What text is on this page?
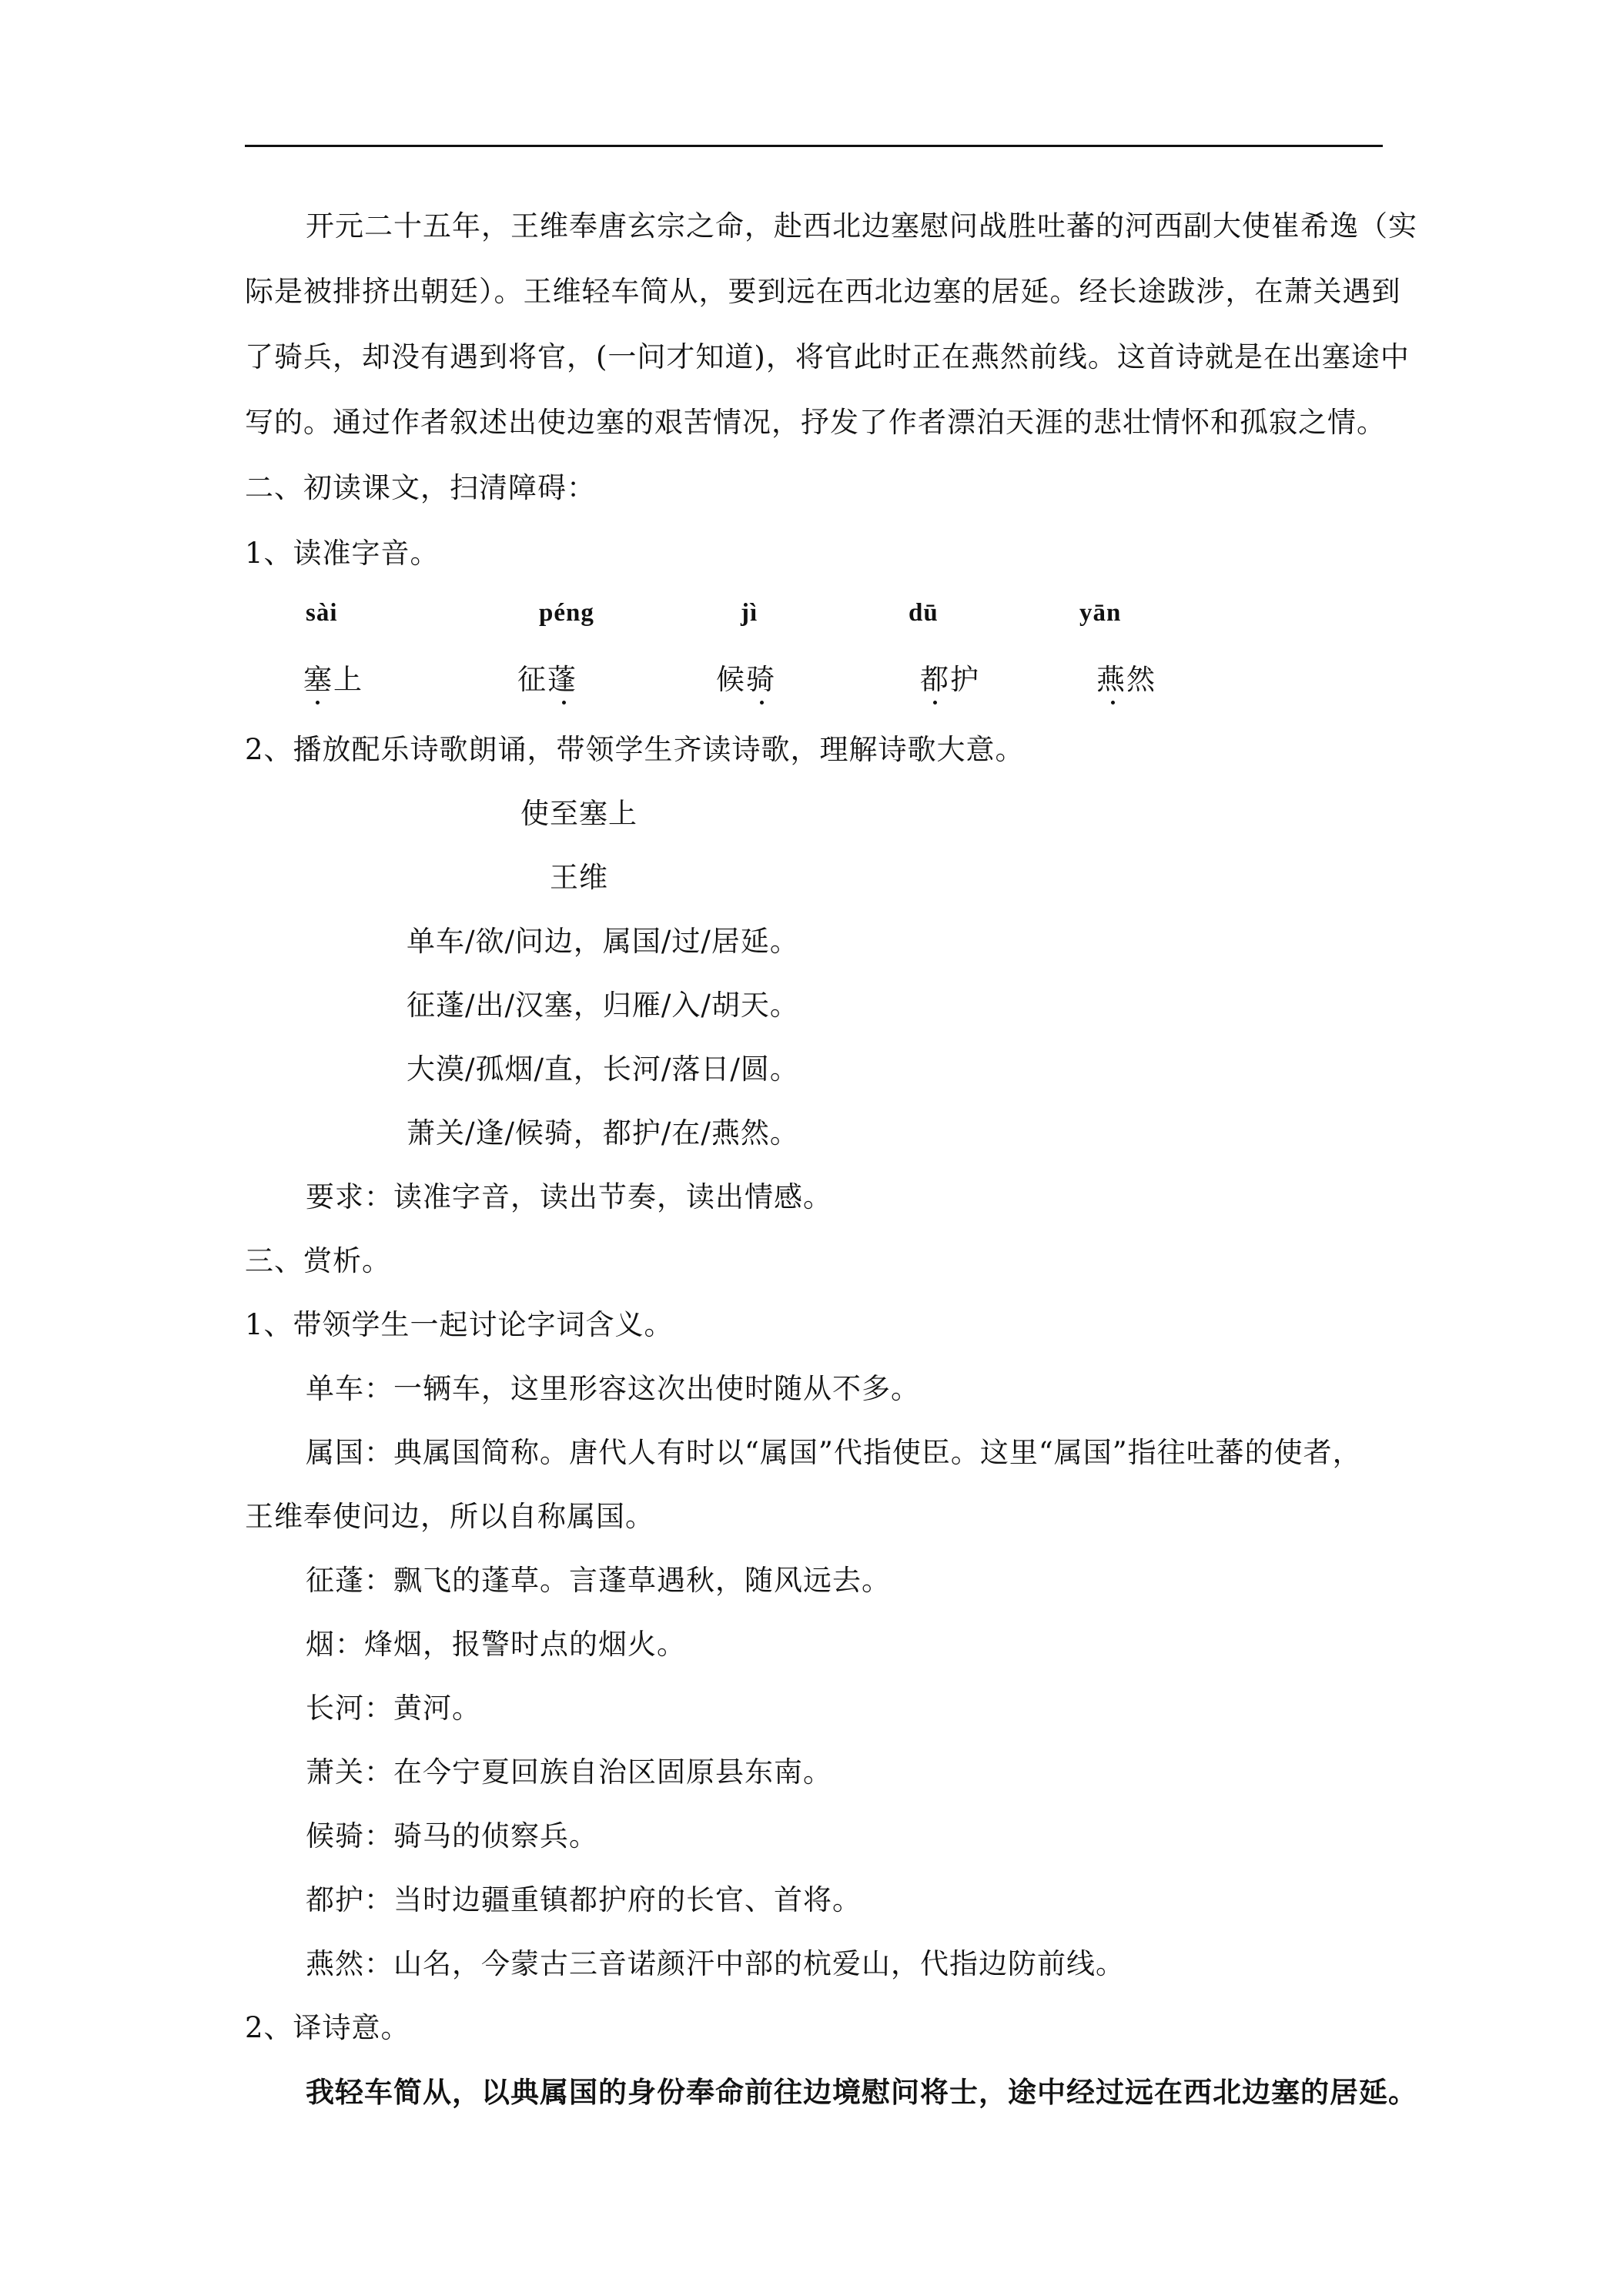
开元二十五年，王维奉唐玄宗之命，赴西北边塞慰问战胜吐蕃的河西副大使崔希逸（实
际是被排挤出朝廷）。王维轻车简从，要到远在西北边塞的居延。经长途跋涉，在萧关遇到
了骑兵，却没有遇到将官，(一问才知道)，将官此时正在燕然前线。这首诗就是在出塞途中
写的。通过作者叙述出使边塞的艰苦情况，抒发了作者漂泊天涯的悲壮情怀和孤寂之情。
二、初读课文，扫清障碍：
1、读准字音。
sài	péng	jì	dū	yān
塞上	征蓬	候骑	都护	燕然
2、播放配乐诗歌朗诵，带领学生齐读诗歌，理解诗歌大意。
使至塞上
王维
单车/欲/问边，属国/过/居延。
征蓬/出/汉塞，归雁/入/胡天。
大漠/孤烟/直，长河/落日/圆。
萧关/逢/候骑，都护/在/燕然。
要求：读准字音，读出节奏，读出情感。
三、赏析。
1、带领学生一起讨论字词含义。
单车：一辆车，这里形容这次出使时随从不多。
属国：典属国简称。唐代人有时以“属国”代指使臣。这里“属国”指往吐蕃的使者，
王维奉使问边，所以自称属国。
征蓬：飘飞的蓬草。言蓬草遇秋，随风远去。
烟：烽烟，报警时点的烟火。
长河：黄河。
萧关：在今宁夏回族自治区固原县东南。
候骑：骑马的侦察兵。
都护：当时边疆重镇都护府的长官、首将。
燕然：山名，今蒙古三音诺颜汗中部的杭爱山，代指边防前线。
2、译诗意。
我轻车简从，以典属国的身份奉命前往边境慰问将士，途中经过远在西北边塞的居延。
